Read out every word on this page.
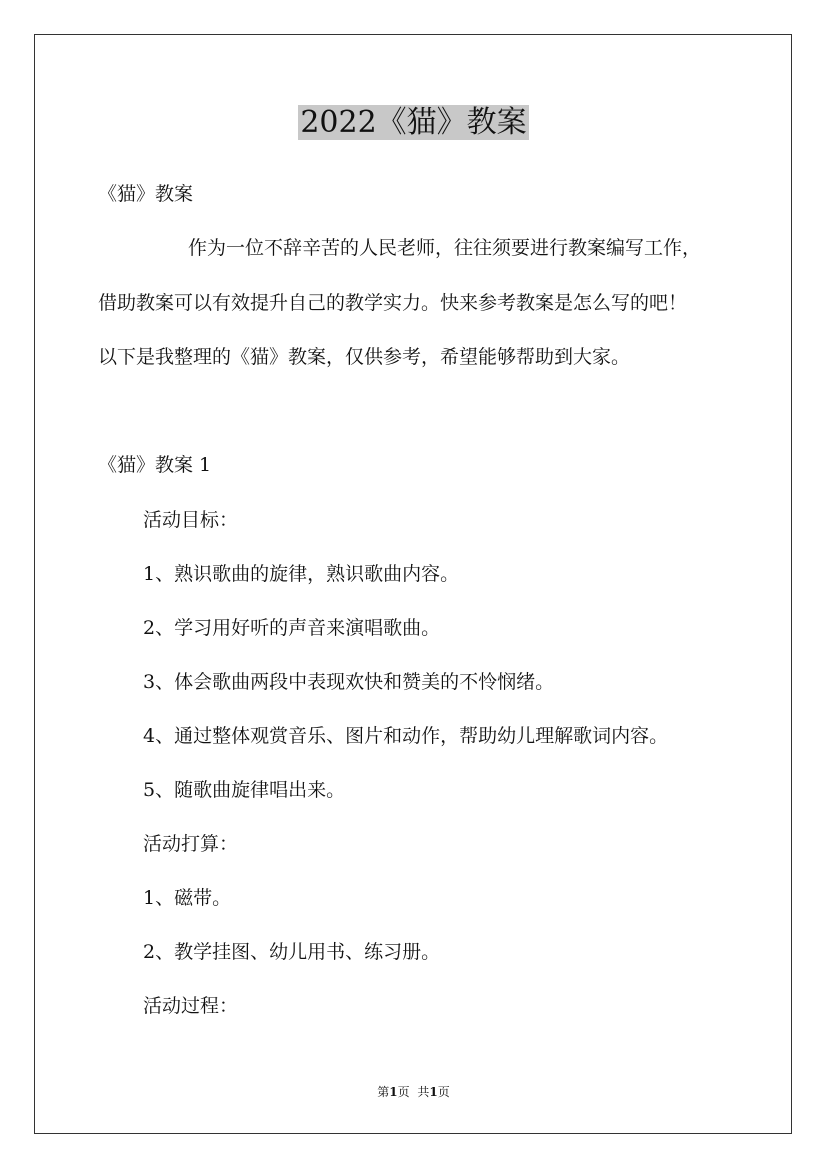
2022《猫》教案

《猫》教案

作为一位不辞辛苦的人民老师，往往须要进行教案编写工作，

借助教案可以有效提升自己的教学实力。快来参考教案是怎么写的吧！

以下是我整理的《猫》教案，仅供参考，希望能够帮助到大家。

《猫》教案 1

活动目标：

1、熟识歌曲的旋律，熟识歌曲内容。

2、学习用好听的声音来演唱歌曲。

3、体会歌曲两段中表现欢快和赞美的不怜悯绪。

4、通过整体观赏音乐、图片和动作，帮助幼儿理解歌词内容。

5、随歌曲旋律唱出来。

活动打算：

1、磁带。

2、教学挂图、幼儿用书、练习册。

活动过程：

第1页 共1页
